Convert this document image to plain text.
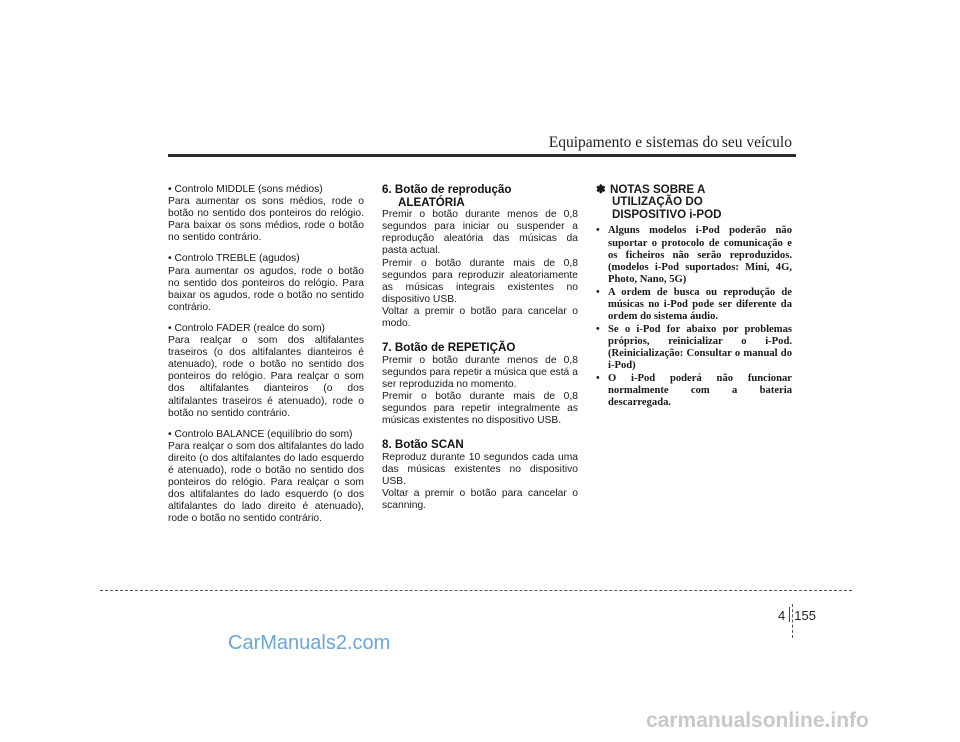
Equipamento e sistemas do seu veículo

• Controlo MIDDLE (sons médios)

Para aumentar os sons médios, rode o botão no sentido dos ponteiros do relógio. Para baixar os sons médios, rode o botão no sentido contrário.

• Controlo TREBLE (agudos)

Para aumentar os agudos, rode o botão no sentido dos ponteiros do relógio. Para baixar os agudos, rode o botão no sentido contrário.

• Controlo FADER (realce do som)

Para realçar o som dos altifalantes traseiros (o dos altifalantes dianteiros é atenuado), rode o botão no sentido dos ponteiros do relógio. Para realçar o som dos altifalantes dianteiros (o dos altifalantes traseiros é atenuado), rode o botão no sentido contrário.

• Controlo BALANCE (equilíbrio do som)

Para realçar o som dos altifalantes do lado direito (o dos altifalantes do lado esquerdo é atenuado), rode o botão no sentido dos ponteiros do relógio. Para realçar o som dos altifalantes do lado esquerdo (o dos altifalantes do lado direito é atenuado), rode o botão no sentido contrário.

6. Botão de reprodução ALEATÓRIA

Premir o botão durante menos de 0,8 segundos para iniciar ou suspender a reprodução aleatória das músicas da pasta actual.

Premir o botão durante mais de 0,8 segundos para reproduzir aleatoriamente as músicas integrais existentes no dispositivo USB.

Voltar a premir o botão para cancelar o modo.

7. Botão de REPETIÇÃO

Premir o botão durante menos de 0,8 segundos para repetir a música que está a ser reproduzida no momento.

Premir o botão durante mais de 0,8 segundos para repetir integralmente as músicas existentes no dispositivo USB.

8. Botão SCAN

Reproduz durante 10 segundos cada uma das músicas existentes no dispositivo USB.

Voltar a premir o botão para cancelar o scanning.

✽ NOTAS SOBRE A
UTILIZAÇÃO DO
DISPOSITIVO i-POD
• Alguns modelos i-Pod poderão não suportar o protocolo de comunicação e os ficheiros não serão reproduzidos. (modelos i-Pod suportados: Mini, 4G, Photo, Nano, 5G)
• A ordem de busca ou reprodução de músicas no i-Pod pode ser diferente da ordem do sistema áudio.
• Se o i-Pod for abaixo por problemas próprios, reinicializar o i-Pod. (Reinicialização: Consultar o manual do i-Pod)
• O i-Pod poderá não funcionar normalmente com a bateria descarregada.
4 155
CarManuals2.com
carmanualsonline.info
